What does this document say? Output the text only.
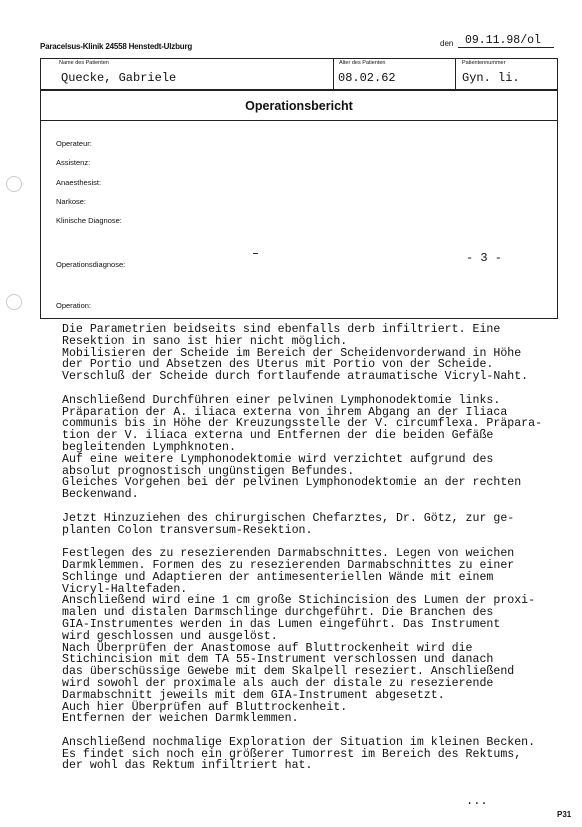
Paracelsus-Klinik 24558 Henstedt-Ulzburg	den 09.11.98/ol
Name des Patienten
Quecke, Gabriele
Alter des Patienten
08.02.62
Patientennummer
Gyn. li.
Operationsbericht
Operateur:
Assistenz:
Anaesthesist:
Narkose:
Klinische Diagnose:
- 3 -
Operationsdiagnose:
Operation:
Die Parametrien beidseits sind ebenfalls derb infiltriert. Eine
Resektion in sano ist hier nicht möglich.
Mobilisieren der Scheide im Bereich der Scheidenvorderwand in Höhe
der Portio und Absetzen des Uterus mit Portio von der Scheide.
Verschluß der Scheide durch fortlaufende atraumatische Vicryl-Naht.

Anschließend Durchführen einer pelvinen Lymphonodektomie links.
Präparation der A. iliaca externa von ihrem Abgang an der Iliaca
communis bis in Höhe der Kreuzungsstelle der V. circumflexa. Präpara-
tion der V. iliaca externa und Entfernen der die beiden Gefäße
begleitenden Lymphknoten.
Auf eine weitere Lymphonodektomie wird verzichtet aufgrund des
absolut prognostisch ungünstigen Befundes.
Gleiches Vorgehen bei der pelvinen Lymphonodektomie an der rechten
Beckenwand.

Jetzt Hinzuziehen des chirurgischen Chefarztes, Dr. Götz, zur ge-
planten Colon transversum-Resektion.

Festlegen des zu resezierenden Darmabschnittes. Legen von weichen
Darmklemmen. Formen des zu resezierenden Darmabschnittes zu einer
Schlinge und Adaptieren der antimesenteriellen Wände mit einem
Vicryl-Haltefaden.
Anschließend wird eine 1 cm große Stichincision des Lumen der proxi-
malen und distalen Darmschlinge durchgeführt. Die Branchen des
GIA-Instrumentes werden in das Lumen eingeführt. Das Instrument
wird geschlossen und ausgelöst.
Nach Überprüfen der Anastomose auf Bluttrockenheit wird die
Stichincision mit dem TA 55-Instrument verschlossen und danach
das überschüssige Gewebe mit dem Skalpell reseziert. Anschließend
wird sowohl der proximale als auch der distale zu resezierende
Darmabschnitt jeweils mit dem GIA-Instrument abgesetzt.
Auch hier Überprüfen auf Bluttrockenheit.
Entfernen der weichen Darmklemmen.

Anschließend nochmalige Exploration der Situation im kleinen Becken.
Es findet sich noch ein größerer Tumorrest im Bereich des Rektums,
der wohl das Rektum infiltriert hat.
...
P31
